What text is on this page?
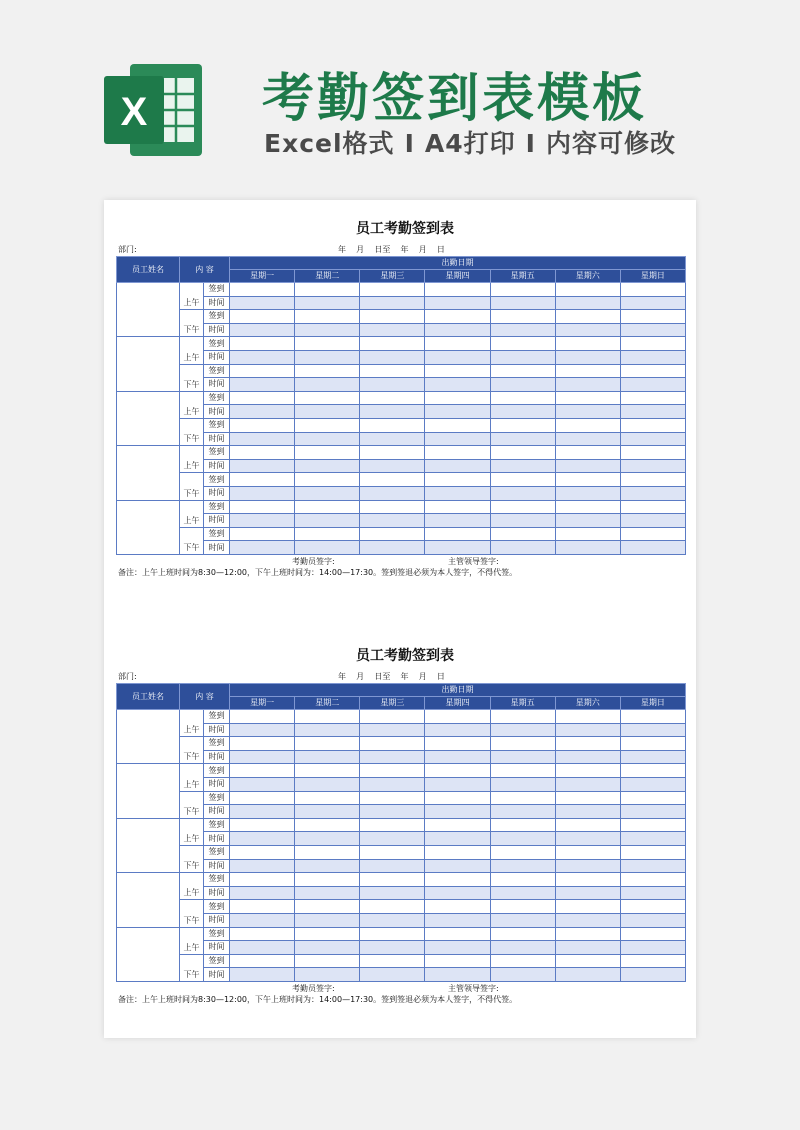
X 考勤签到表模板
Excel格式 I A4打印 I 内容可修改
员工考勤签到表
部门:	年    月    日至    年    月    日
员工姓名	内 容		出勤日期						
			星期一	星期二	星期三	星期四	星期五	星期六	星期日
	上午	签到							
		时间							
	下午	签到							
		时间							
	上午	签到							
		时间							
	下午	签到							
		时间							
	上午	签到							
		时间							
	下午	签到							
		时间							
	上午	签到							
		时间							
	下午	签到							
		时间							
	上午	签到							
		时间							
	下午	签到							
		时间							
考勤员签字:	主管领导签字:
备注：上午上班时间为8:30—12:00，下午上班时间为：14:00—17:30。签到签退必须为本人签字，不得代签。
员工考勤签到表
部门:	年    月    日至    年    月    日
员工姓名	内 容		出勤日期						
			星期一	星期二	星期三	星期四	星期五	星期六	星期日
	上午	签到							
		时间							
	下午	签到							
		时间							
	上午	签到							
		时间							
	下午	签到							
		时间							
	上午	签到							
		时间							
	下午	签到							
		时间							
	上午	签到							
		时间							
	下午	签到							
		时间							
	上午	签到							
		时间							
	下午	签到							
		时间							
考勤员签字:	主管领导签字:
备注：上午上班时间为8:30—12:00，下午上班时间为：14:00—17:30。签到签退必须为本人签字，不得代签。
